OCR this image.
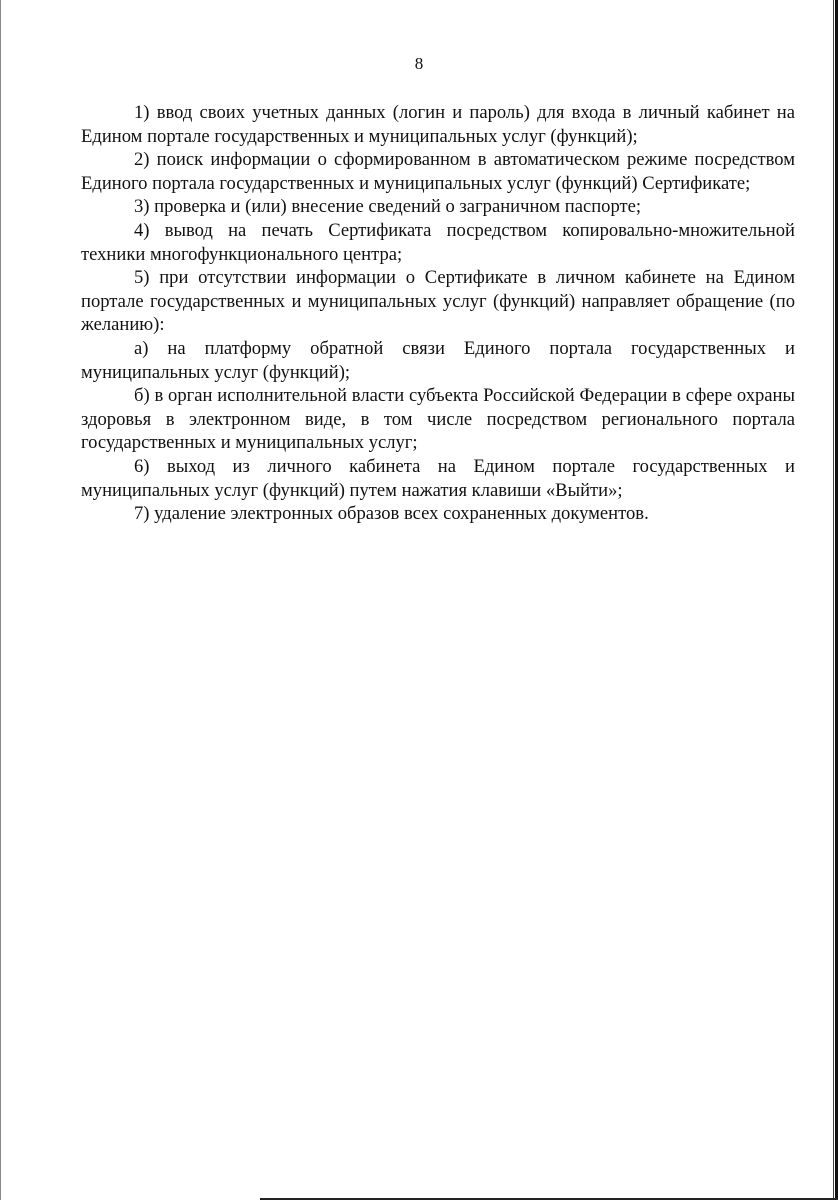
8

1) ввод своих учетных данных (логин и пароль) для входа в личный кабинет на Едином портале государственных и муниципальных услуг (функций);

2) поиск информации о сформированном в автоматическом режиме посредством Единого портала государственных и муниципальных услуг (функций) Сертификате;

3) проверка и (или) внесение сведений о заграничном паспорте;

4) вывод на печать Сертификата посредством копировально-множительной техники многофункционального центра;

5) при отсутствии информации о Сертификате в личном кабинете на Едином портале государственных и муниципальных услуг (функций) направляет обращение (по желанию):

а) на платформу обратной связи Единого портала государственных и муниципальных услуг (функций);

б) в орган исполнительной власти субъекта Российской Федерации в сфере охраны здоровья в электронном виде, в том числе посредством регионального портала государственных и муниципальных услуг;

6) выход из личного кабинета на Едином портале государственных и муниципальных услуг (функций) путем нажатия клавиши «Выйти»;

7) удаление электронных образов всех сохраненных документов.
